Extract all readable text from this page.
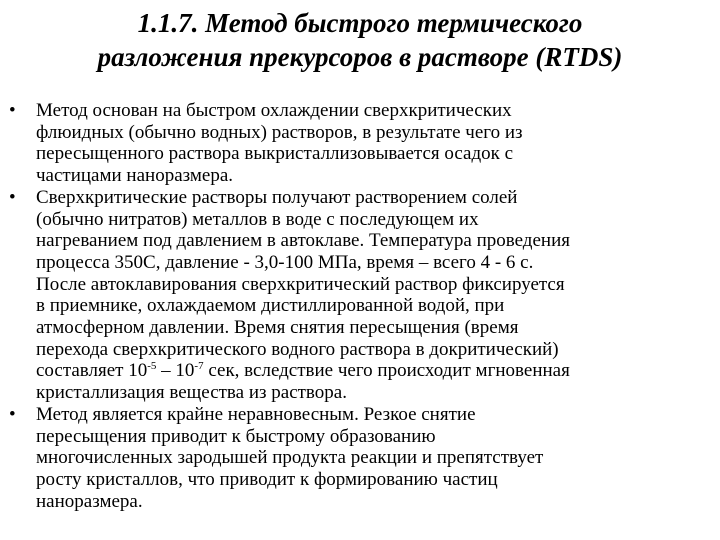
1.1.7. Метод быстрого термического
разложения прекурсоров в растворе (RTDS)
• Метод основан на быстром охлаждении сверхкритических
флюидных (обычно водных) растворов, в результате чего из
пересыщенного раствора выкристаллизовывается осадок с
частицами наноразмера.
• Сверхкритические растворы получают растворением солей
(обычно нитратов) металлов в воде с последующем их
нагреванием под давлением в автоклаве. Температура проведения
процесса 350С, давление - 3,0-100 МПа, время – всего 4 - 6 с.
После автоклавирования сверхкритический раствор фиксируется
в приемнике, охлаждаемом дистиллированной водой, при
атмосферном давлении. Время снятия пересыщения (время
перехода сверхкритического водного раствора в докритический)
составляет $10^{-5} - 10^{-7}$ сек, вследствие чего происходит мгновенная
кристаллизация вещества из раствора.
• Метод является крайне неравновесным. Резкое снятие
пересыщения приводит к быстрому образованию
многочисленных зародышей продукта реакции и препятствует
росту кристаллов, что приводит к формированию частиц
наноразмера.
